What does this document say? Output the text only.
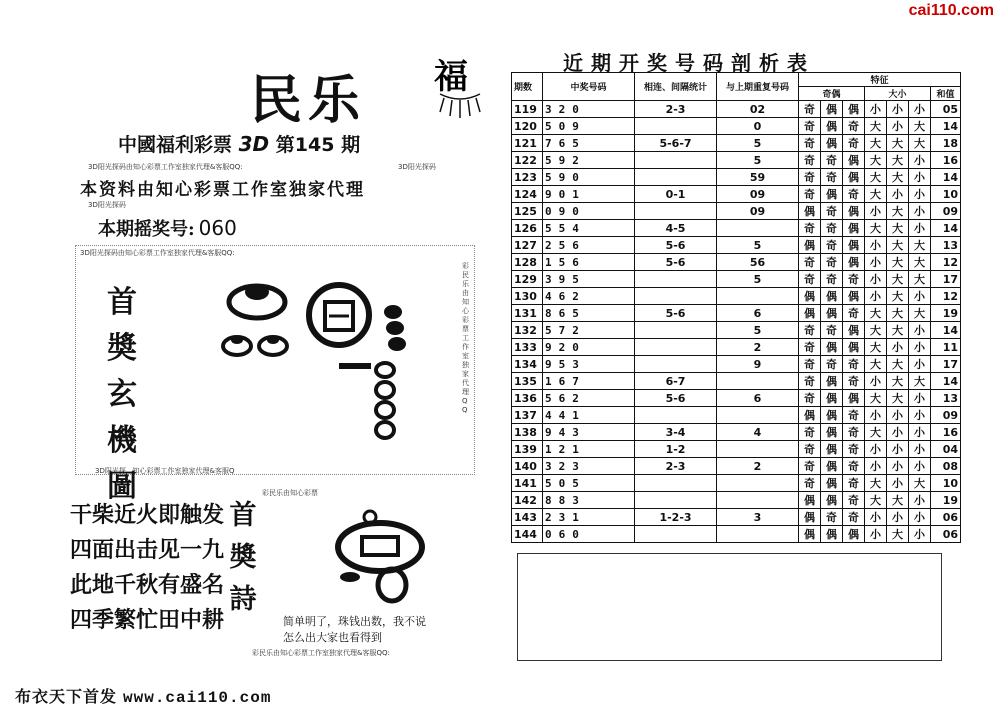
cai110.com
民乐 福
中國福利彩票 3D 第145 期
3D阳光探码由知心彩票工作室独家代理&客服QQ:	3D阳光探码
3D阳光探码
本资料由知心彩票工作室独家代理
本期摇奖号: 060
3D阳光探码由知心彩票工作室独家代理&客服QQ:
3D阳光探...知心彩票工作室独家代理&客服Q
彩民乐由知心彩票工作室独家代理QQ
首奬玄機圖
干柴近火即触发
四面出击见一九
此地千秋有盛名
四季繁忙田中耕
彩民乐由知心彩票
彩民乐由知心彩票工作室独家代理&客服QQ:
首奬詩
简单明了，珠钱出数，我不说
怎么出大家也看得到
布衣天下首发 www.cai110.com
近期开奖号码剖析表
期数	中奖号码	相连、间隔统计	与上期重复号码	特征						
				奇偶			大小			和值
119	320	2-3	02	奇	偶	偶	小	小	小	05
120	509		0	奇	偶	奇	大	小	大	14
121	765	5-6-7	5	奇	偶	奇	大	大	大	18
122	592		5	奇	奇	偶	大	大	小	16
123	590		59	奇	奇	偶	大	大	小	14
124	901	0-1	09	奇	偶	奇	大	小	小	10
125	090		09	偶	奇	偶	小	大	小	09
126	554	4-5		奇	奇	偶	大	大	小	14
127	256	5-6	5	偶	奇	偶	小	大	大	13
128	156	5-6	56	奇	奇	偶	小	大	大	12
129	395		5	奇	奇	奇	小	大	大	17
130	462			偶	偶	偶	小	大	小	12
131	865	5-6	6	偶	偶	奇	大	大	大	19
132	572		5	奇	奇	偶	大	大	小	14
133	920		2	奇	偶	偶	大	小	小	11
134	953		9	奇	奇	奇	大	大	小	17
135	167	6-7		奇	偶	奇	小	大	大	14
136	562	5-6	6	奇	偶	偶	大	大	小	13
137	441			偶	偶	奇	小	小	小	09
138	943	3-4	4	奇	偶	奇	大	小	小	16
139	121	1-2		奇	偶	奇	小	小	小	04
140	323	2-3	2	奇	偶	奇	小	小	小	08
141	505			奇	偶	奇	大	小	大	10
142	883			偶	偶	奇	大	大	小	19
143	231	1-2-3	3	偶	奇	奇	小	小	小	06
144	060			偶	偶	偶	小	大	小	06
